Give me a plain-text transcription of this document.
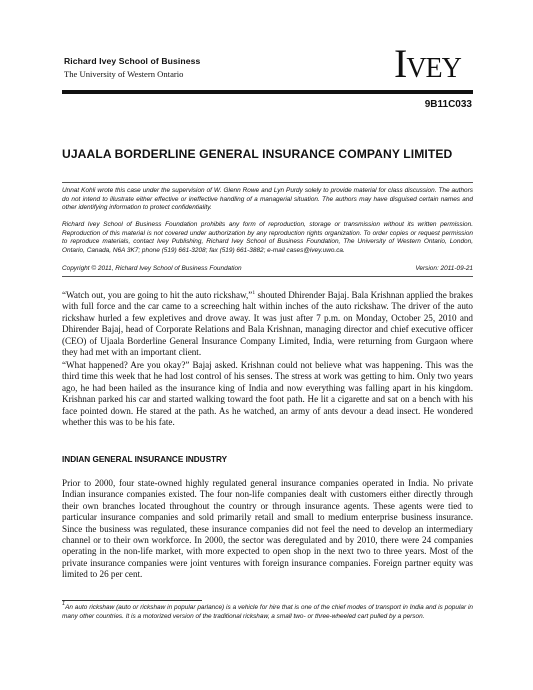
Richard Ivey School of Business
The University of Western Ontario	IVEY
9B11C033
UJAALA BORDERLINE GENERAL INSURANCE COMPANY LIMITED

Unnat Kohli wrote this case under the supervision of W. Glenn Rowe and Lyn Purdy solely to provide material for class discussion. The authors do not intend to illustrate either effective or ineffective handling of a managerial situation. The authors may have disguised certain names and other identifying information to protect confidentiality.

Richard Ivey School of Business Foundation prohibits any form of reproduction, storage or transmission without its written permission. Reproduction of this material is not covered under authorization by any reproduction rights organization. To order copies or request permission to reproduce materials, contact Ivey Publishing, Richard Ivey School of Business Foundation, The University of Western Ontario, London, Ontario, Canada, N6A 3K7; phone (519) 661-3208; fax (519) 661-3882; e-mail cases@ivey.uwo.ca.

Copyright © 2011, Richard Ivey School of Business Foundation	Version: 2011-09-21

“Watch out, you are going to hit the auto rickshaw,”$^1$ shouted Dhirender Bajaj. Bala Krishnan applied the brakes with full force and the car came to a screeching halt within inches of the auto rickshaw. The driver of the auto rickshaw hurled a few expletives and drove away. It was just after 7 p.m. on Monday, October 25, 2010 and Dhirender Bajaj, head of Corporate Relations and Bala Krishnan, managing director and chief executive officer (CEO) of Ujaala Borderline General Insurance Company Limited, India, were returning from Gurgaon where they had met with an important client.

“What happened? Are you okay?” Bajaj asked. Krishnan could not believe what was happening. This was the third time this week that he had lost control of his senses. The stress at work was getting to him. Only two years ago, he had been hailed as the insurance king of India and now everything was falling apart in his kingdom. Krishnan parked his car and started walking toward the foot path. He lit a cigarette and sat on a bench with his face pointed down. He stared at the path. As he watched, an army of ants devour a dead insect. He wondered whether this was to be his fate.

INDIAN GENERAL INSURANCE INDUSTRY

Prior to 2000, four state-owned highly regulated general insurance companies operated in India. No private Indian insurance companies existed. The four non-life companies dealt with customers either directly through their own branches located throughout the country or through insurance agents. These agents were tied to particular insurance companies and sold primarily retail and small to medium enterprise business insurance. Since the business was regulated, these insurance companies did not feel the need to develop an intermediary channel or to their own workforce. In 2000, the sector was deregulated and by 2010, there were 24 companies operating in the non-life market, with more expected to open shop in the next two to three years. Most of the private insurance companies were joint ventures with foreign insurance companies. Foreign partner equity was limited to 26 per cent.

$^1$An auto rickshaw (auto or rickshaw in popular parlance) is a vehicle for hire that is one of the chief modes of transport in India and is popular in many other countries. It is a motorized version of the traditional rickshaw, a small two- or three-wheeled cart pulled by a person.
